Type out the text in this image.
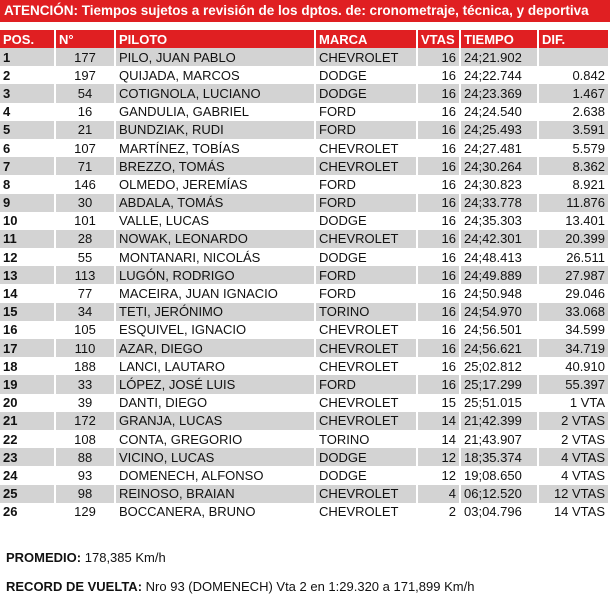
ATENCIÓN: Tiempos sujetos a revisión de los dptos. de: cronometraje, técnica, y deportiva
POS.	N°	PILOTO	MARCA	VTAS	TIEMPO	DIF.
1	177	PILO, JUAN PABLO	CHEVROLET	16	24;21.902	
2	197	QUIJADA, MARCOS	DODGE	16	24;22.744	0.842
3	54	COTIGNOLA, LUCIANO	DODGE	16	24;23.369	1.467
4	16	GANDULIA, GABRIEL	FORD	16	24;24.540	2.638
5	21	BUNDZIAK, RUDI	FORD	16	24;25.493	3.591
6	107	MARTÍNEZ, TOBÍAS	CHEVROLET	16	24;27.481	5.579
7	71	BREZZO, TOMÁS	CHEVROLET	16	24;30.264	8.362
8	146	OLMEDO, JEREMÍAS	FORD	16	24;30.823	8.921
9	30	ABDALA, TOMÁS	FORD	16	24;33.778	11.876
10	101	VALLE, LUCAS	DODGE	16	24;35.303	13.401
11	28	NOWAK, LEONARDO	CHEVROLET	16	24;42.301	20.399
12	55	MONTANARI, NICOLÁS	DODGE	16	24;48.413	26.511
13	113	LUGÓN, RODRIGO	FORD	16	24;49.889	27.987
14	77	MACEIRA, JUAN IGNACIO	FORD	16	24;50.948	29.046
15	34	TETI, JERÓNIMO	TORINO	16	24;54.970	33.068
16	105	ESQUIVEL, IGNACIO	CHEVROLET	16	24;56.501	34.599
17	110	AZAR, DIEGO	CHEVROLET	16	24;56.621	34.719
18	188	LANCI, LAUTARO	CHEVROLET	16	25;02.812	40.910
19	33	LÓPEZ, JOSÉ LUIS	FORD	16	25;17.299	55.397
20	39	DANTI, DIEGO	CHEVROLET	15	25;51.015	1 VTA
21	172	GRANJA, LUCAS	CHEVROLET	14	21;42.399	2 VTAS
22	108	CONTA, GREGORIO	TORINO	14	21;43.907	2 VTAS
23	88	VICINO, LUCAS	DODGE	12	18;35.374	4 VTAS
24	93	DOMENECH, ALFONSO	DODGE	12	19;08.650	4 VTAS
25	98	REINOSO, BRAIAN	CHEVROLET	4	06;12.520	12 VTAS
26	129	BOCCANERA, BRUNO	CHEVROLET	2	03;04.796	14 VTAS
PROMEDIO: 178,385 Km/h
RECORD DE VUELTA: Nro 93 (DOMENECH) Vta 2 en 1:29.320 a 171,899 Km/h
